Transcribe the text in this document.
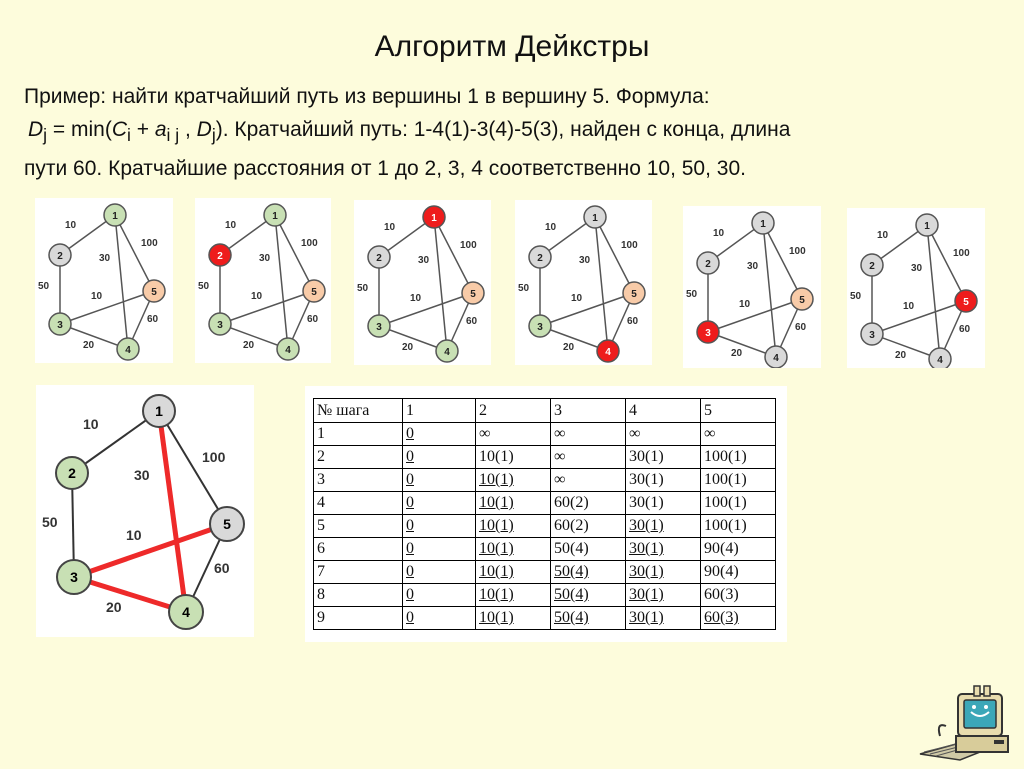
Алгоритм Дейкстры

Пример: найти кратчайший путь из вершины 1 в вершину 5. Формула:

$D_j = \min(C_i + a_{i j}$ , $D_j$). Кратчайший путь: 1-4(1)-3(4)-5(3), найден с конца, длина

пути 60. Кратчайшие расстояния от 1 до 2, 3, 4 соответственно 10, 50, 30.

10
30
100
50
10
20
60
1
2
3
4
5
10
30
100
50
10
20
60
1
2
3
4
5
10
30
100
50
10
20
60
1
2
3
4
5
10
30
100
50
10
20
60
1
2
3
4
5
10
30
100
50
10
20
60
1
2
3
4
5
10
30
100
50
10
20
60
1
2
3
4
5
10
30
100
50
10
20
60
1
2
3
4
5
№ шага	1	2	3	4	5
1	0	∞	∞	∞	∞
2	0	10(1)	∞	30(1)	100(1)
3	0	10(1)	∞	30(1)	100(1)
4	0	10(1)	60(2)	30(1)	100(1)
5	0	10(1)	60(2)	30(1)	100(1)
6	0	10(1)	50(4)	30(1)	90(4)
7	0	10(1)	50(4)	30(1)	90(4)
8	0	10(1)	50(4)	30(1)	60(3)
9	0	10(1)	50(4)	30(1)	60(3)
